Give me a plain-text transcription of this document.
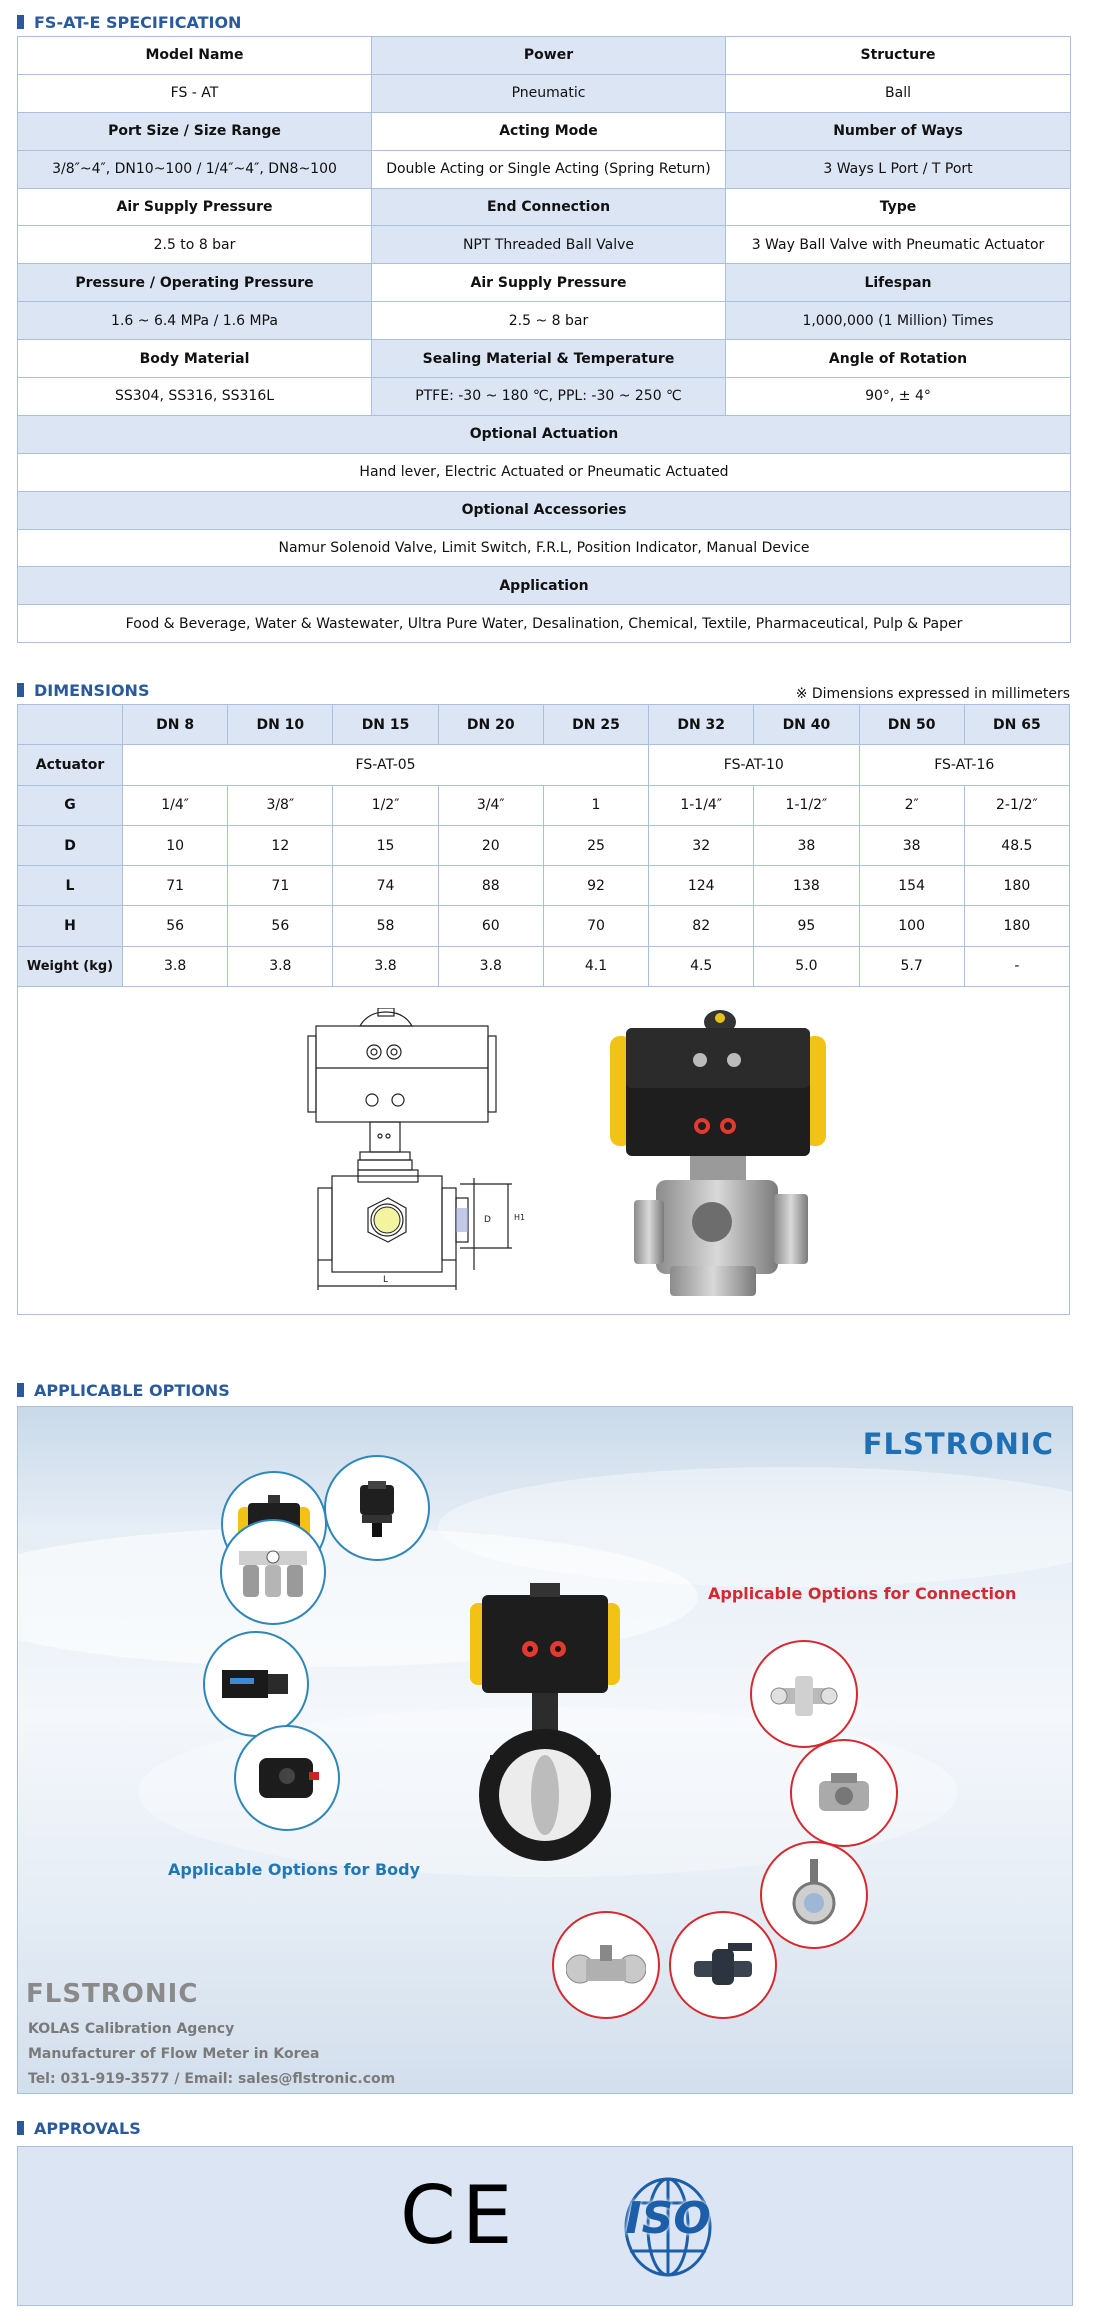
FS-AT-E SPECIFICATION
Model Name	Power	Structure
FS - AT	Pneumatic	Ball
Port Size / Size Range	Acting Mode	Number of Ways
3/8″~4″, DN10~100 / 1/4″~4″, DN8~100	Double Acting or Single Acting (Spring Return)	3 Ways L Port / T Port
Air Supply Pressure	End Connection	Type
2.5 to 8 bar	NPT Threaded Ball Valve	3 Way Ball Valve with Pneumatic Actuator
Pressure / Operating Pressure	Air Supply Pressure	Lifespan
1.6 ~ 6.4 MPa / 1.6 MPa	2.5 ~ 8 bar	1,000,000 (1 Million) Times
Body Material	Sealing Material & Temperature	Angle of Rotation
SS304, SS316, SS316L	PTFE: -30 ~ 180 ℃, PPL: -30 ~ 250 ℃	90°, ± 4°
Optional Actuation		
Hand lever, Electric Actuated or Pneumatic Actuated		
Optional Accessories		
Namur Solenoid Valve, Limit Switch, F.R.L, Position Indicator, Manual Device		
Application		
Food & Beverage, Water & Wastewater, Ultra Pure Water, Desalination, Chemical, Textile, Pharmaceutical, Pulp & Paper		
DIMENSIONS	※ Dimensions expressed in millimeters
	DN 8	DN 10	DN 15	DN 20	DN 25	DN 32	DN 40	DN 50	DN 65
Actuator	FS-AT-05					FS-AT-10		FS-AT-16	
G	1/4″	3/8″	1/2″	3/4″	1	1-1/4″	1-1/2″	2″	2-1/2″
D	10	12	15	20	25	32	38	38	48.5
L	71	71	74	88	92	124	138	154	180
H	56	56	58	60	70	82	95	100	180
Weight (kg)	3.8	3.8	3.8	3.8	4.1	4.5	5.0	5.7	-
D	H1
L
APPLICABLE OPTIONS
FLSTRONIC
Applicable Options for Connection
Applicable Options for Body
FLSTRONIC
KOLAS Calibration Agency
Manufacturer of Flow Meter in Korea
Tel: 031-919-3577 / Email: sales@flstronic.com
APPROVALS
CE ISO
